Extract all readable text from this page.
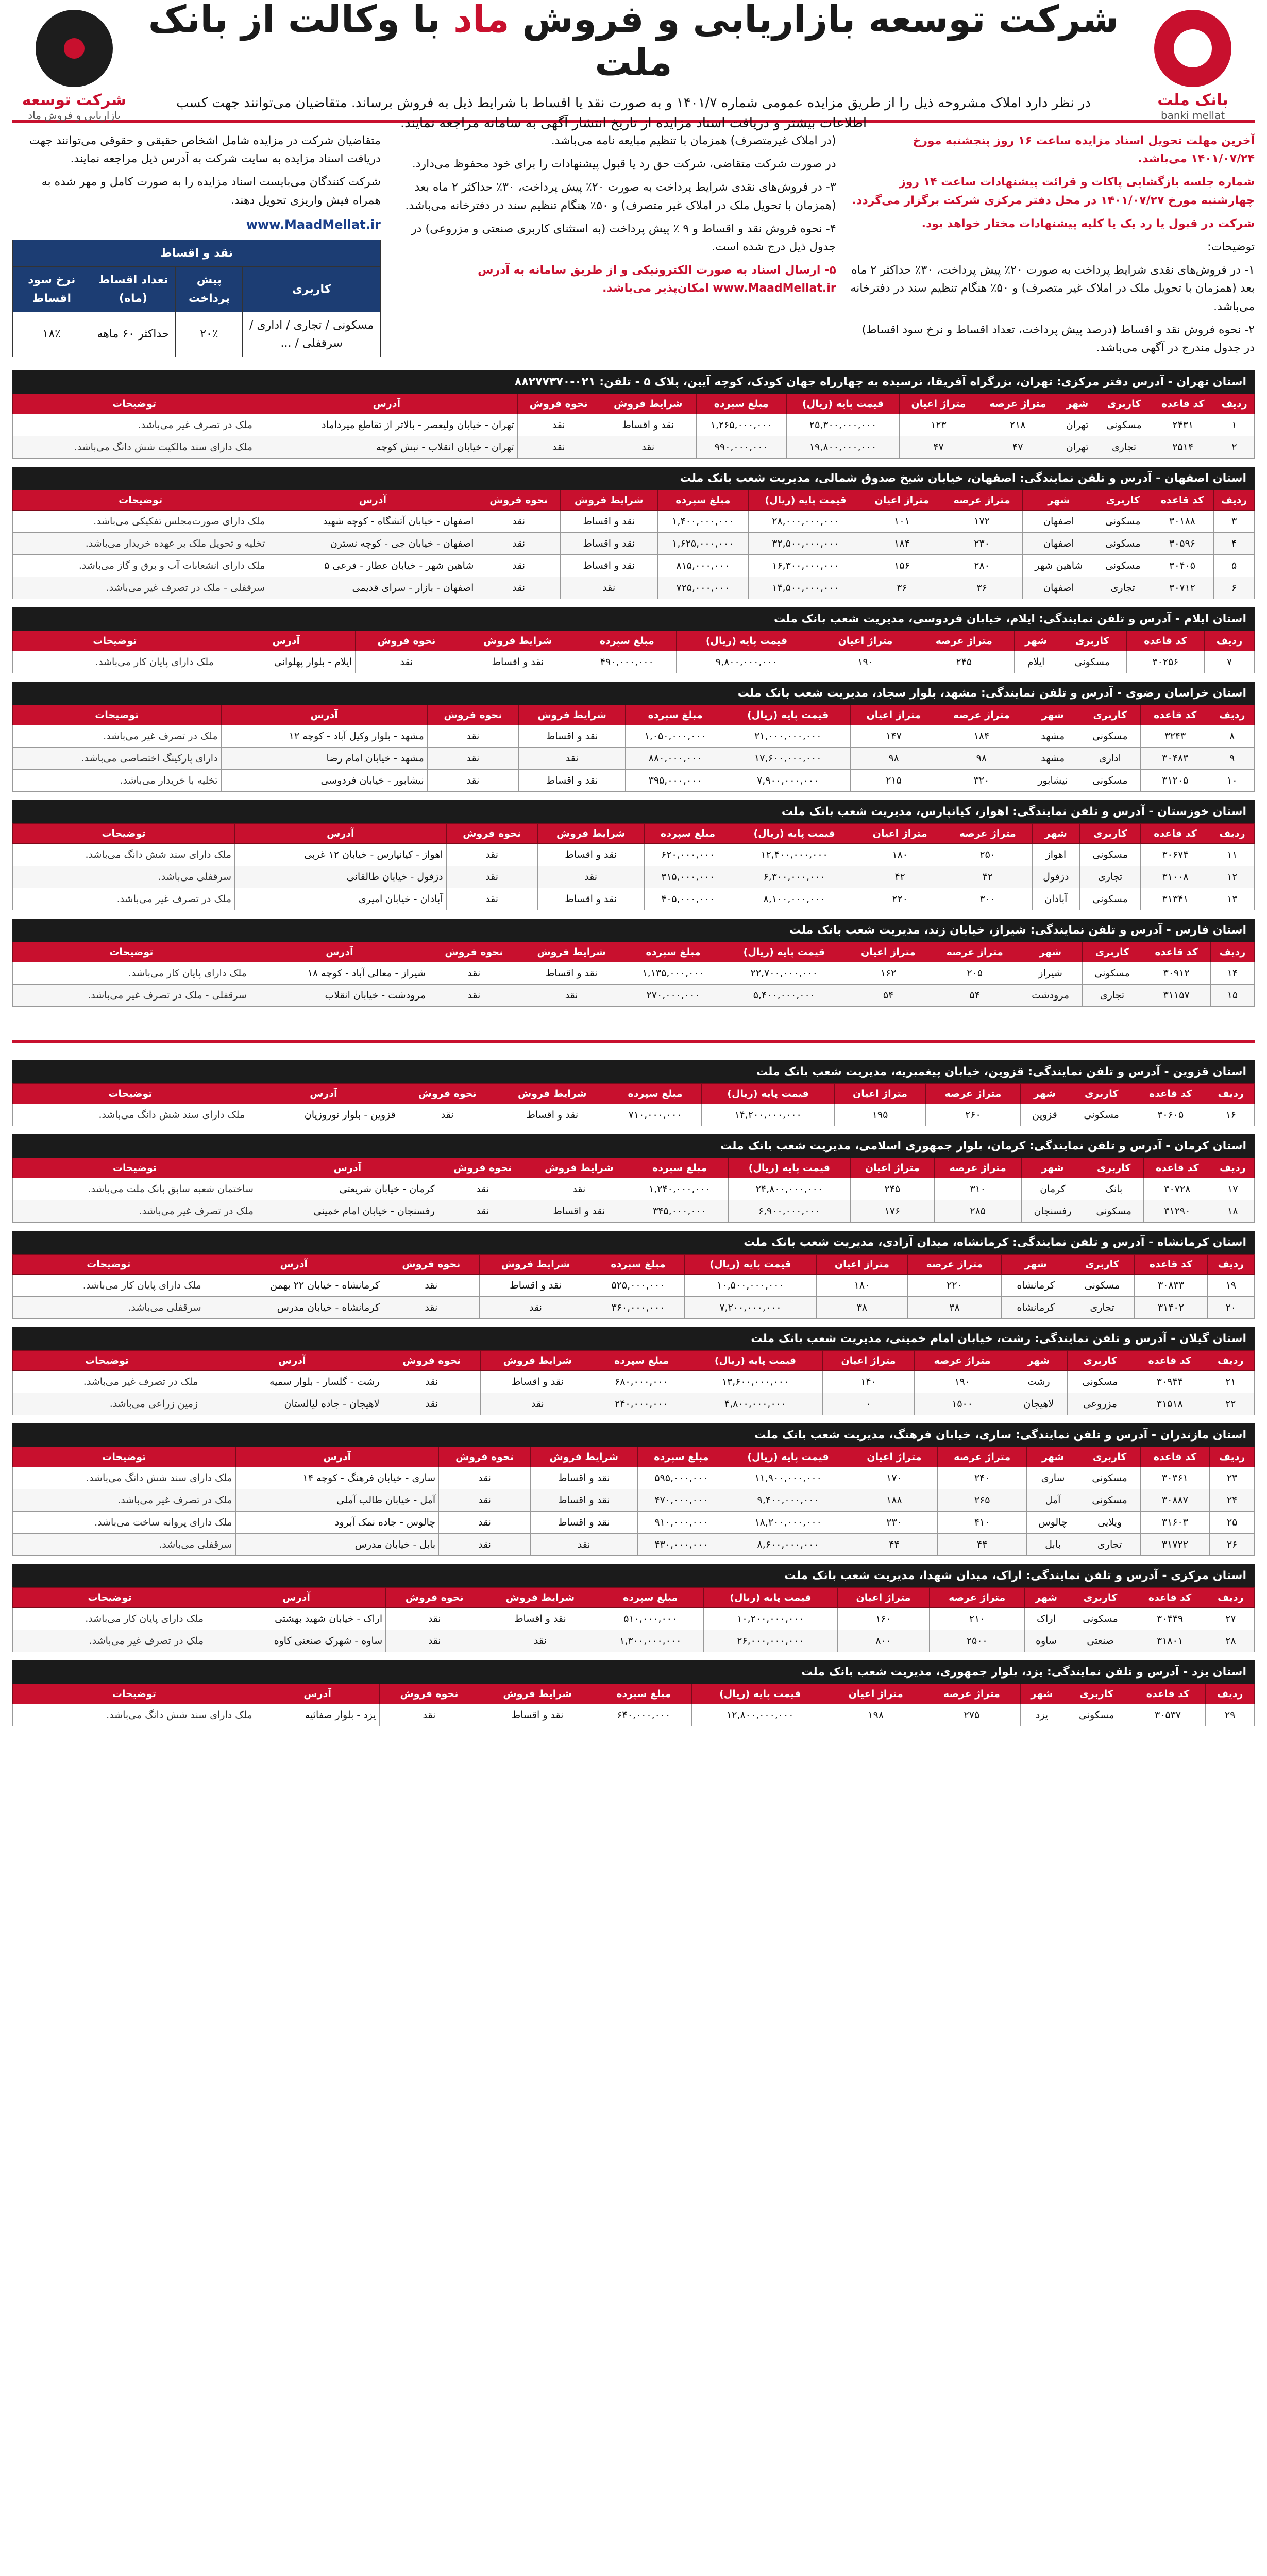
بانک ملت
banki mellat
شرکت توسعه بازاریابی و فروش ماد با وکالت از بانک ملت
در نظر دارد املاک مشروحه ذیل را از طریق مزایده عمومی شماره ۱۴۰۱/۷ و به صورت نقد یا اقساط با شرایط ذیل به فروش برساند. متقاضیان می‌توانند جهت کسب اطلاعات بیشتر و دریافت اسناد مزایده از تاریخ انتشار آگهی به سامانه مراجعه نمایند.
شرکت توسعه
بازاریابی و فروش ماد

آخرین مهلت تحویل اسناد مزایده ساعت ۱۶ روز پنجشنبه مورخ ۱۴۰۱/۰۷/۲۴ می‌باشد.

شماره جلسه بازگشایی پاکات و قرائت پیشنهادات ساعت ۱۴ روز چهارشنبه مورخ ۱۴۰۱/۰۷/۲۷ در محل دفتر مرکزی شرکت برگزار می‌گردد.

شرکت در قبول یا رد یک یا کلیه پیشنهادات مختار خواهد بود.

توضیحات:

۱- در فروش‌های نقدی شرایط پرداخت به صورت ۲۰٪ پیش پرداخت، ۳۰٪ حداکثر ۲ ماه بعد (همزمان با تحویل ملک در املاک غیر متصرف) و ۵۰٪ هنگام تنظیم سند در دفترخانه می‌باشد.

۲- نحوه فروش نقد و اقساط (درصد پیش پرداخت، تعداد اقساط و نرخ سود اقساط) در جدول مندرج در آگهی می‌باشد.

(در املاک غیرمتصرف) همزمان با تنظیم مبایعه نامه می‌باشد.

در صورت شرکت متقاضی، شرکت حق رد یا قبول پیشنهادات را برای خود محفوظ می‌دارد.

۳- در فروش‌های نقدی شرایط پرداخت به صورت ۲۰٪ پیش پرداخت، ۳۰٪ حداکثر ۲ ماه بعد (همزمان با تحویل ملک در املاک غیر متصرف) و ۵۰٪ هنگام تنظیم سند در دفترخانه می‌باشد.

۴- نحوه فروش نقد و اقساط و ۹ ٪ پیش پرداخت (به استثنای کاربری صنعتی و مزروعی) در جدول ذیل درج شده است.

۵- ارسال اسناد به صورت الکترونیکی و از طریق سامانه به آدرس www.MaadMellat.ir امکان‌پذیر می‌باشد.

متقاضیان شرکت در مزایده شامل اشخاص حقیقی و حقوقی می‌توانند جهت دریافت اسناد مزایده به سایت شرکت به آدرس ذیل مراجعه نمایند.

شرکت کنندگان می‌بایست اسناد مزایده را به صورت کامل و مهر شده به همراه فیش واریزی تحویل دهند.

www.MaadMellat.ir
نقد و اقساط			
کاربری	پیش پرداخت	تعداد اقساط (ماه)	نرخ سود اقساط
مسکونی / تجاری / اداری / سرقفلی / ...	۲۰٪	حداکثر ۶۰ ماهه	۱۸٪
استان تهران - آدرس دفتر مرکزی: تهران، بزرگراه آفریقا، نرسیده به چهارراه جهان کودک، کوچه آیین، پلاک ۵ - تلفن: ۰۲۱-۸۸۲۷۷۳۷۰
ردیف	کد قاعده	کاربری	شهر	متراژ عرصه	متراژ اعیان	قیمت پایه (ریال)	مبلغ سپرده	شرایط فروش	نحوه فروش	آدرس	توضیحات
۱	۲۴۳۱	مسکونی	تهران	۲۱۸	۱۲۳	۲۵,۳۰۰,۰۰۰,۰۰۰	۱,۲۶۵,۰۰۰,۰۰۰	نقد و اقساط	نقد	تهران - خیابان ولیعصر - بالاتر از تقاطع میرداماد	ملک در تصرف غیر می‌باشد.
۲	۲۵۱۴	تجاری	تهران	۴۷	۴۷	۱۹,۸۰۰,۰۰۰,۰۰۰	۹۹۰,۰۰۰,۰۰۰	نقد	نقد	تهران - خیابان انقلاب - نبش کوچه	ملک دارای سند مالکیت شش دانگ می‌باشد.
استان اصفهان - آدرس و تلفن نمایندگی: اصفهان، خیابان شیخ صدوق شمالی، مدیریت شعب بانک ملت
ردیف	کد قاعده	کاربری	شهر	متراژ عرصه	متراژ اعیان	قیمت پایه (ریال)	مبلغ سپرده	شرایط فروش	نحوه فروش	آدرس	توضیحات
۳	۳۰۱۸۸	مسکونی	اصفهان	۱۷۲	۱۰۱	۲۸,۰۰۰,۰۰۰,۰۰۰	۱,۴۰۰,۰۰۰,۰۰۰	نقد و اقساط	نقد	اصفهان - خیابان آتشگاه - کوچه شهید	ملک دارای صورت‌مجلس تفکیکی می‌باشد.
۴	۳۰۵۹۶	مسکونی	اصفهان	۲۳۰	۱۸۴	۳۲,۵۰۰,۰۰۰,۰۰۰	۱,۶۲۵,۰۰۰,۰۰۰	نقد و اقساط	نقد	اصفهان - خیابان جی - کوچه نسترن	تخلیه و تحویل ملک بر عهده خریدار می‌باشد.
۵	۳۰۴۰۵	مسکونی	شاهین شهر	۲۸۰	۱۵۶	۱۶,۳۰۰,۰۰۰,۰۰۰	۸۱۵,۰۰۰,۰۰۰	نقد و اقساط	نقد	شاهین شهر - خیابان عطار - فرعی ۵	ملک دارای انشعابات آب و برق و گاز می‌باشد.
۶	۳۰۷۱۲	تجاری	اصفهان	۳۶	۳۶	۱۴,۵۰۰,۰۰۰,۰۰۰	۷۲۵,۰۰۰,۰۰۰	نقد	نقد	اصفهان - بازار - سرای قدیمی	سرقفلی - ملک در تصرف غیر می‌باشد.
استان ایلام - آدرس و تلفن نمایندگی: ایلام، خیابان فردوسی، مدیریت شعب بانک ملت
ردیف	کد قاعده	کاربری	شهر	متراژ عرصه	متراژ اعیان	قیمت پایه (ریال)	مبلغ سپرده	شرایط فروش	نحوه فروش	آدرس	توضیحات
۷	۳۰۲۵۶	مسکونی	ایلام	۲۴۵	۱۹۰	۹,۸۰۰,۰۰۰,۰۰۰	۴۹۰,۰۰۰,۰۰۰	نقد و اقساط	نقد	ایلام - بلوار پهلوانی	ملک دارای پایان کار می‌باشد.
استان خراسان رضوی - آدرس و تلفن نمایندگی: مشهد، بلوار سجاد، مدیریت شعب بانک ملت
ردیف	کد قاعده	کاربری	شهر	متراژ عرصه	متراژ اعیان	قیمت پایه (ریال)	مبلغ سپرده	شرایط فروش	نحوه فروش	آدرس	توضیحات
۸	۳۲۴۳	مسکونی	مشهد	۱۸۴	۱۴۷	۲۱,۰۰۰,۰۰۰,۰۰۰	۱,۰۵۰,۰۰۰,۰۰۰	نقد و اقساط	نقد	مشهد - بلوار وکیل آباد - کوچه ۱۲	ملک در تصرف غیر می‌باشد.
۹	۳۰۴۸۳	اداری	مشهد	۹۸	۹۸	۱۷,۶۰۰,۰۰۰,۰۰۰	۸۸۰,۰۰۰,۰۰۰	نقد	نقد	مشهد - خیابان امام رضا	دارای پارکینگ اختصاصی می‌باشد.
۱۰	۳۱۲۰۵	مسکونی	نیشابور	۳۲۰	۲۱۵	۷,۹۰۰,۰۰۰,۰۰۰	۳۹۵,۰۰۰,۰۰۰	نقد و اقساط	نقد	نیشابور - خیابان فردوسی	تخلیه با خریدار می‌باشد.
استان خوزستان - آدرس و تلفن نمایندگی: اهواز، کیانپارس، مدیریت شعب بانک ملت
ردیف	کد قاعده	کاربری	شهر	متراژ عرصه	متراژ اعیان	قیمت پایه (ریال)	مبلغ سپرده	شرایط فروش	نحوه فروش	آدرس	توضیحات
۱۱	۳۰۶۷۴	مسکونی	اهواز	۲۵۰	۱۸۰	۱۲,۴۰۰,۰۰۰,۰۰۰	۶۲۰,۰۰۰,۰۰۰	نقد و اقساط	نقد	اهواز - کیانپارس - خیابان ۱۲ غربی	ملک دارای سند شش دانگ می‌باشد.
۱۲	۳۱۰۰۸	تجاری	دزفول	۴۲	۴۲	۶,۳۰۰,۰۰۰,۰۰۰	۳۱۵,۰۰۰,۰۰۰	نقد	نقد	دزفول - خیابان طالقانی	سرقفلی می‌باشد.
۱۳	۳۱۳۴۱	مسکونی	آبادان	۳۰۰	۲۲۰	۸,۱۰۰,۰۰۰,۰۰۰	۴۰۵,۰۰۰,۰۰۰	نقد و اقساط	نقد	آبادان - خیابان امیری	ملک در تصرف غیر می‌باشد.
استان فارس - آدرس و تلفن نمایندگی: شیراز، خیابان زند، مدیریت شعب بانک ملت
ردیف	کد قاعده	کاربری	شهر	متراژ عرصه	متراژ اعیان	قیمت پایه (ریال)	مبلغ سپرده	شرایط فروش	نحوه فروش	آدرس	توضیحات
۱۴	۳۰۹۱۲	مسکونی	شیراز	۲۰۵	۱۶۲	۲۲,۷۰۰,۰۰۰,۰۰۰	۱,۱۳۵,۰۰۰,۰۰۰	نقد و اقساط	نقد	شیراز - معالی آباد - کوچه ۱۸	ملک دارای پایان کار می‌باشد.
۱۵	۳۱۱۵۷	تجاری	مرودشت	۵۴	۵۴	۵,۴۰۰,۰۰۰,۰۰۰	۲۷۰,۰۰۰,۰۰۰	نقد	نقد	مرودشت - خیابان انقلاب	سرقفلی - ملک در تصرف غیر می‌باشد.
استان قزوین - آدرس و تلفن نمایندگی: قزوین، خیابان پیغمبریه، مدیریت شعب بانک ملت
ردیف	کد قاعده	کاربری	شهر	متراژ عرصه	متراژ اعیان	قیمت پایه (ریال)	مبلغ سپرده	شرایط فروش	نحوه فروش	آدرس	توضیحات
۱۶	۳۰۶۰۵	مسکونی	قزوین	۲۶۰	۱۹۵	۱۴,۲۰۰,۰۰۰,۰۰۰	۷۱۰,۰۰۰,۰۰۰	نقد و اقساط	نقد	قزوین - بلوار نوروزیان	ملک دارای سند شش دانگ می‌باشد.
استان کرمان - آدرس و تلفن نمایندگی: کرمان، بلوار جمهوری اسلامی، مدیریت شعب بانک ملت
ردیف	کد قاعده	کاربری	شهر	متراژ عرصه	متراژ اعیان	قیمت پایه (ریال)	مبلغ سپرده	شرایط فروش	نحوه فروش	آدرس	توضیحات
۱۷	۳۰۷۲۸	بانک	کرمان	۳۱۰	۲۴۵	۲۴,۸۰۰,۰۰۰,۰۰۰	۱,۲۴۰,۰۰۰,۰۰۰	نقد	نقد	کرمان - خیابان شریعتی	ساختمان شعبه سابق بانک ملت می‌باشد.
۱۸	۳۱۲۹۰	مسکونی	رفسنجان	۲۸۵	۱۷۶	۶,۹۰۰,۰۰۰,۰۰۰	۳۴۵,۰۰۰,۰۰۰	نقد و اقساط	نقد	رفسنجان - خیابان امام خمینی	ملک در تصرف غیر می‌باشد.
استان کرمانشاه - آدرس و تلفن نمایندگی: کرمانشاه، میدان آزادی، مدیریت شعب بانک ملت
ردیف	کد قاعده	کاربری	شهر	متراژ عرصه	متراژ اعیان	قیمت پایه (ریال)	مبلغ سپرده	شرایط فروش	نحوه فروش	آدرس	توضیحات
۱۹	۳۰۸۳۳	مسکونی	کرمانشاه	۲۲۰	۱۸۰	۱۰,۵۰۰,۰۰۰,۰۰۰	۵۲۵,۰۰۰,۰۰۰	نقد و اقساط	نقد	کرمانشاه - خیابان ۲۲ بهمن	ملک دارای پایان کار می‌باشد.
۲۰	۳۱۴۰۲	تجاری	کرمانشاه	۳۸	۳۸	۷,۲۰۰,۰۰۰,۰۰۰	۳۶۰,۰۰۰,۰۰۰	نقد	نقد	کرمانشاه - خیابان مدرس	سرقفلی می‌باشد.
استان گیلان - آدرس و تلفن نمایندگی: رشت، خیابان امام خمینی، مدیریت شعب بانک ملت
ردیف	کد قاعده	کاربری	شهر	متراژ عرصه	متراژ اعیان	قیمت پایه (ریال)	مبلغ سپرده	شرایط فروش	نحوه فروش	آدرس	توضیحات
۲۱	۳۰۹۴۴	مسکونی	رشت	۱۹۰	۱۴۰	۱۳,۶۰۰,۰۰۰,۰۰۰	۶۸۰,۰۰۰,۰۰۰	نقد و اقساط	نقد	رشت - گلسار - بلوار سمیه	ملک در تصرف غیر می‌باشد.
۲۲	۳۱۵۱۸	مزروعی	لاهیجان	۱۵۰۰	۰	۴,۸۰۰,۰۰۰,۰۰۰	۲۴۰,۰۰۰,۰۰۰	نقد	نقد	لاهیجان - جاده لیالستان	زمین زراعی می‌باشد.
استان مازندران - آدرس و تلفن نمایندگی: ساری، خیابان فرهنگ، مدیریت شعب بانک ملت
ردیف	کد قاعده	کاربری	شهر	متراژ عرصه	متراژ اعیان	قیمت پایه (ریال)	مبلغ سپرده	شرایط فروش	نحوه فروش	آدرس	توضیحات
۲۳	۳۰۳۶۱	مسکونی	ساری	۲۴۰	۱۷۰	۱۱,۹۰۰,۰۰۰,۰۰۰	۵۹۵,۰۰۰,۰۰۰	نقد و اقساط	نقد	ساری - خیابان فرهنگ - کوچه ۱۴	ملک دارای سند شش دانگ می‌باشد.
۲۴	۳۰۸۸۷	مسکونی	آمل	۲۶۵	۱۸۸	۹,۴۰۰,۰۰۰,۰۰۰	۴۷۰,۰۰۰,۰۰۰	نقد و اقساط	نقد	آمل - خیابان طالب آملی	ملک در تصرف غیر می‌باشد.
۲۵	۳۱۶۰۳	ویلایی	چالوس	۴۱۰	۲۳۰	۱۸,۲۰۰,۰۰۰,۰۰۰	۹۱۰,۰۰۰,۰۰۰	نقد و اقساط	نقد	چالوس - جاده نمک آبرود	ملک دارای پروانه ساخت می‌باشد.
۲۶	۳۱۷۲۲	تجاری	بابل	۴۴	۴۴	۸,۶۰۰,۰۰۰,۰۰۰	۴۳۰,۰۰۰,۰۰۰	نقد	نقد	بابل - خیابان مدرس	سرقفلی می‌باشد.
استان مرکزی - آدرس و تلفن نمایندگی: اراک، میدان شهدا، مدیریت شعب بانک ملت
ردیف	کد قاعده	کاربری	شهر	متراژ عرصه	متراژ اعیان	قیمت پایه (ریال)	مبلغ سپرده	شرایط فروش	نحوه فروش	آدرس	توضیحات
۲۷	۳۰۴۴۹	مسکونی	اراک	۲۱۰	۱۶۰	۱۰,۲۰۰,۰۰۰,۰۰۰	۵۱۰,۰۰۰,۰۰۰	نقد و اقساط	نقد	اراک - خیابان شهید بهشتی	ملک دارای پایان کار می‌باشد.
۲۸	۳۱۸۰۱	صنعتی	ساوه	۲۵۰۰	۸۰۰	۲۶,۰۰۰,۰۰۰,۰۰۰	۱,۳۰۰,۰۰۰,۰۰۰	نقد	نقد	ساوه - شهرک صنعتی کاوه	ملک در تصرف غیر می‌باشد.
استان یزد - آدرس و تلفن نمایندگی: یزد، بلوار جمهوری، مدیریت شعب بانک ملت
ردیف	کد قاعده	کاربری	شهر	متراژ عرصه	متراژ اعیان	قیمت پایه (ریال)	مبلغ سپرده	شرایط فروش	نحوه فروش	آدرس	توضیحات
۲۹	۳۰۵۳۷	مسکونی	یزد	۲۷۵	۱۹۸	۱۲,۸۰۰,۰۰۰,۰۰۰	۶۴۰,۰۰۰,۰۰۰	نقد و اقساط	نقد	یزد - بلوار صفائیه	ملک دارای سند شش دانگ می‌باشد.
